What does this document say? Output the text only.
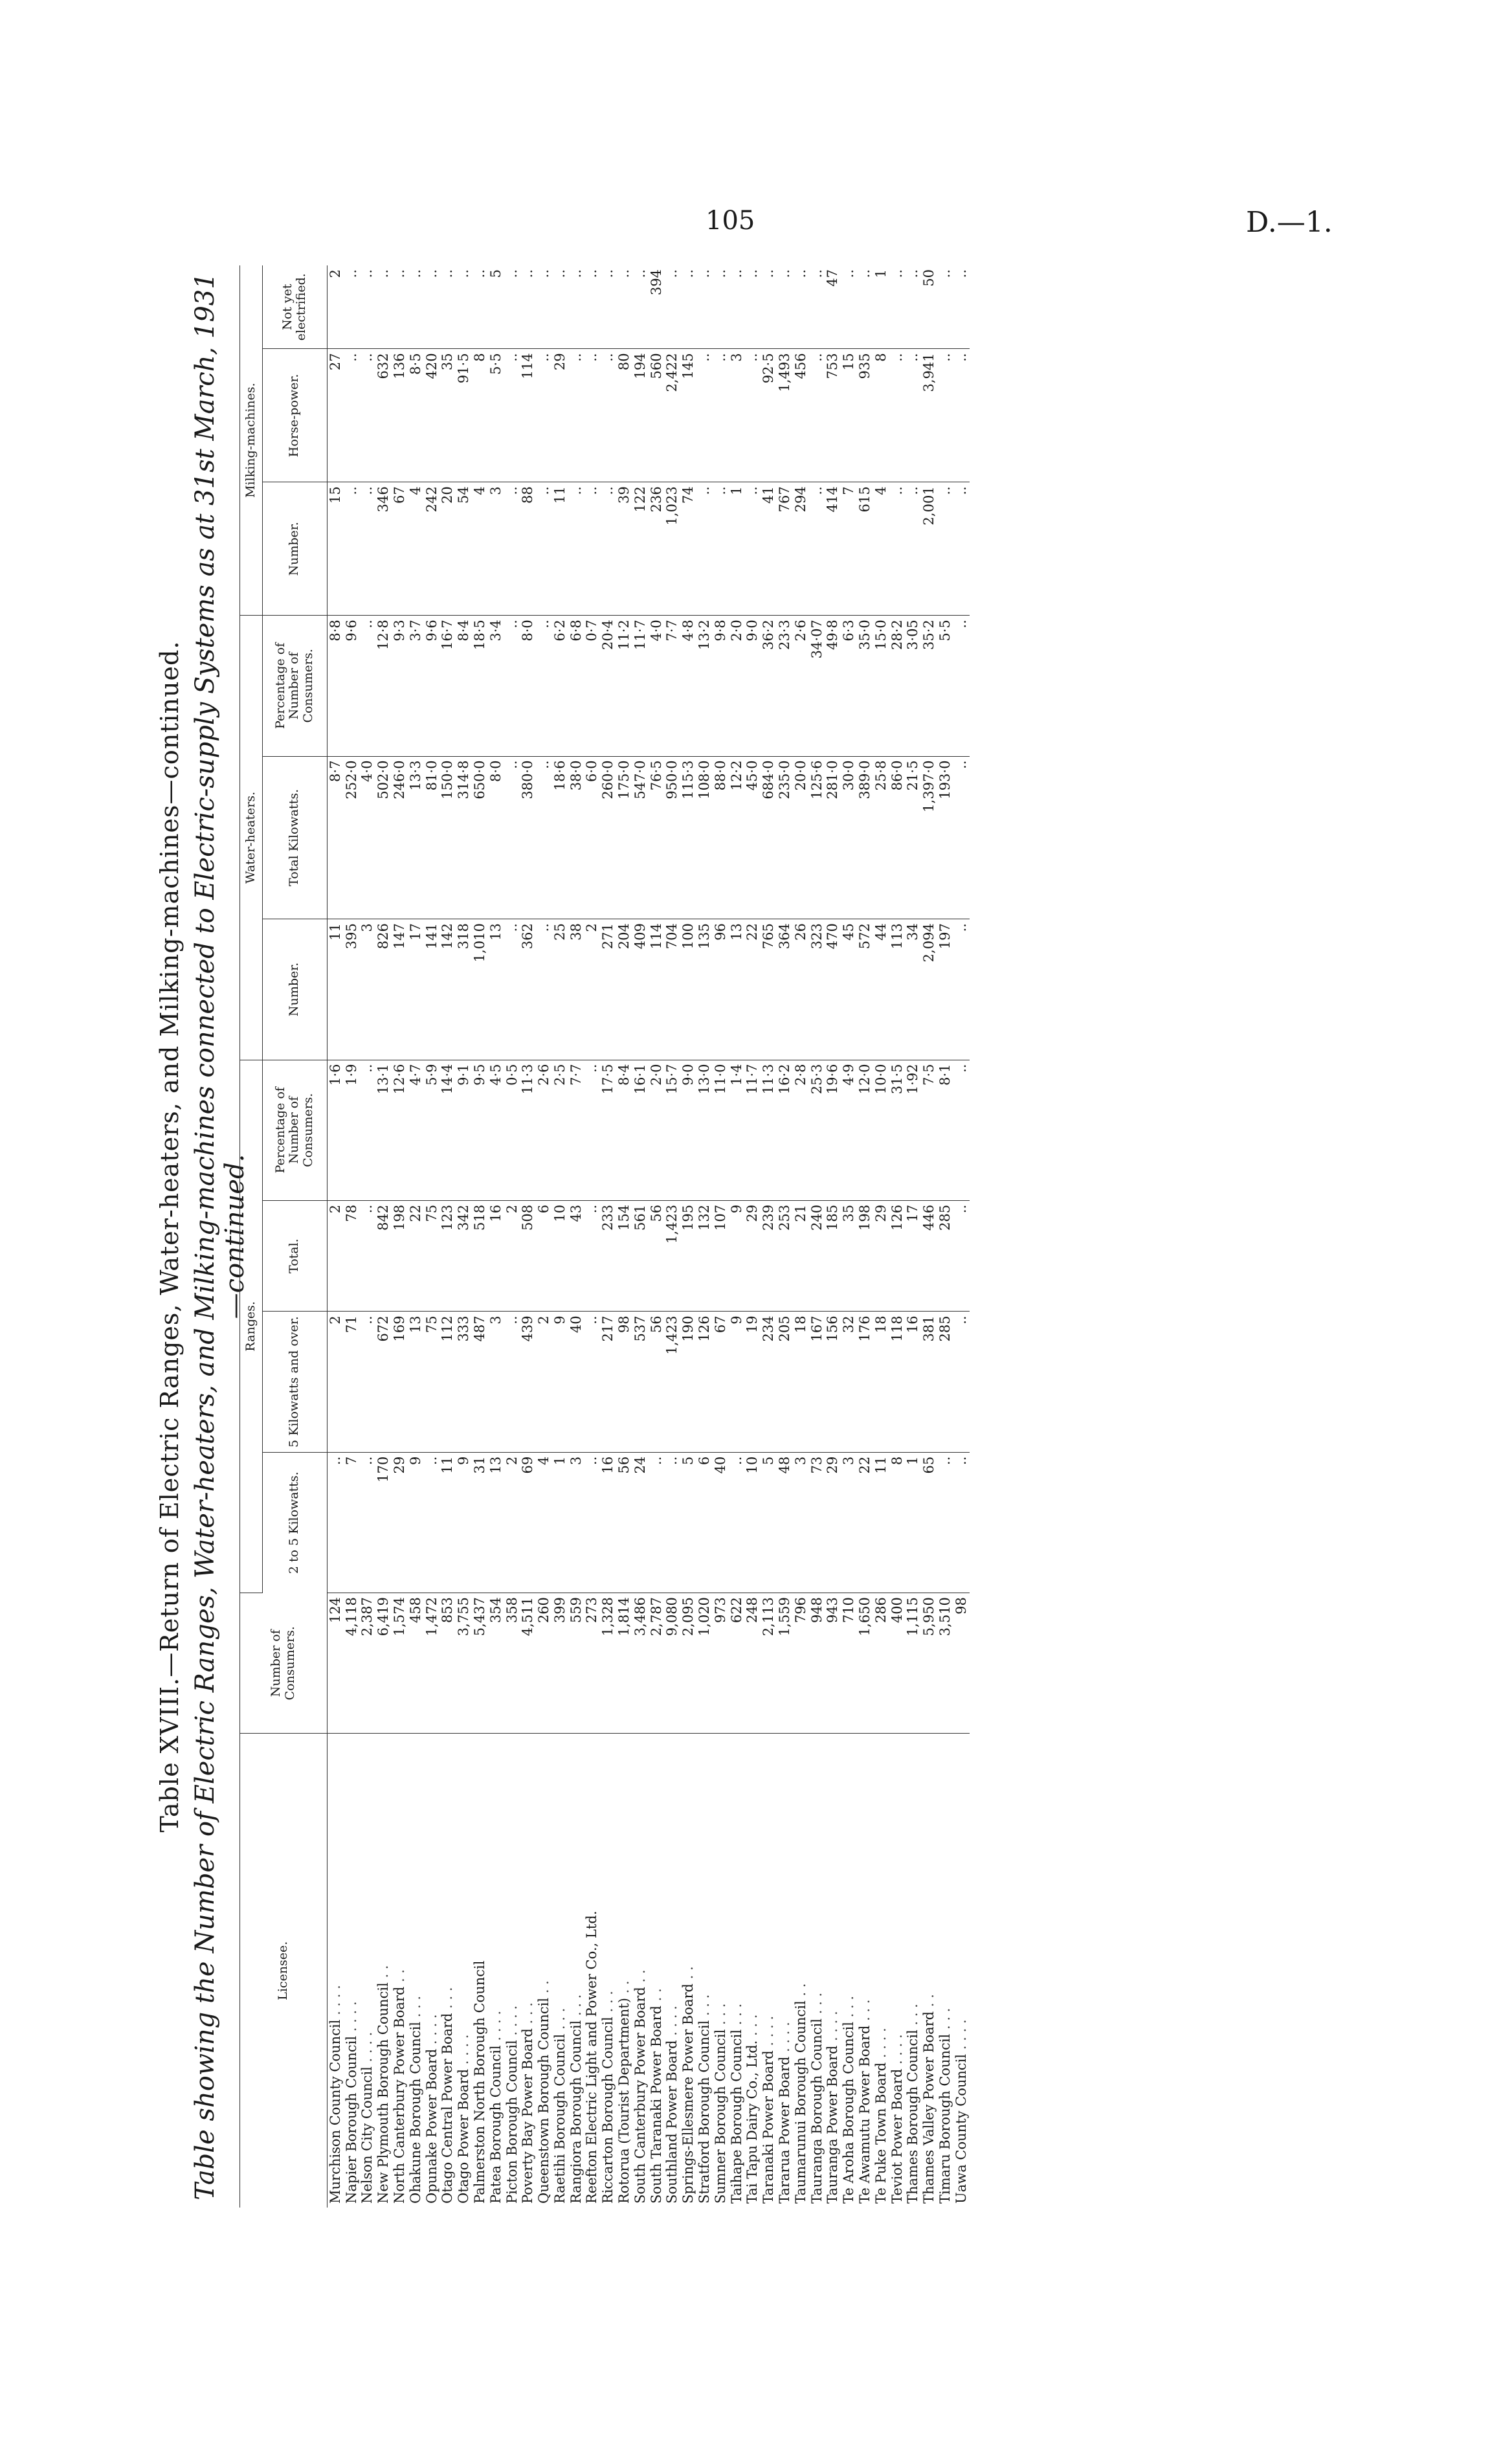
105	D.—1.
Table XVIII.—Return of Electric Ranges, Water-heaters, and Milking-machines—continued. Table showing the Number of Electric Ranges, Water-heaters, and Milking-machines connected to Electric-supply Systems as at 31st March, 1931—continued.
Licensee.	Number of Consumers.	Ranges.				Water-heaters.			Milking-machines.		
		2 to 5 Kilowatts.	5 Kilowatts and over.	Total.	Percentage of Number of Consumers.	Number.	Total Kilowatts.	Percentage of Number of Consumers.	Number.	Horse-power.	Not yet electrified.
Murchison County Council . . . .	124	..	2	2	1·6	11	8·7	8·8	15	27	2
Napier Borough Council . . . .	4,118	7	71	78	1·9	395	252·0	9·6	..	..	..
Nelson City Council . . . .	2,387	..	..	..	..	3	4·0	..	..	..	..
New Plymouth Borough Council . .	6,419	170	672	842	13·1	826	502·0	12·8	346	632	..
North Canterbury Power Board . .	1,574	29	169	198	12·6	147	246·0	9·3	67	136	..
Ohakune Borough Council . . .	458	9	13	22	4·7	17	13·3	3·7	4	8·5	..
Opunake Power Board . . . .	1,472	..	75	75	5·9	141	81·0	9·6	242	420	..
Otago Central Power Board . . .	853	11	112	123	14·4	142	150·0	16·7	20	35	..
Otago Power Board . . . .	3,755	9	333	342	9·1	318	314·8	8·4	54	91·5	..
Palmerston North Borough Council	5,437	31	487	518	9·5	1,010	650·0	18·5	4	8	..
Patea Borough Council . . . .	354	13	3	16	4·5	13	8·0	3·4	3	5·5	5
Picton Borough Council . . . .	358	2	..	2	0·5	..	..	..	..	..	..
Poverty Bay Power Board . . .	4,511	69	439	508	11·3	362	380·0	8·0	88	114	..
Queenstown Borough Council . .	260	4	2	6	2·6	..	..	..	..	..	..
Raetihi Borough Council . . .	399	1	9	10	2·5	25	18·6	6·2	11	29	..
Rangiora Borough Council . . .	559	3	40	43	7·7	38	38·0	6·8	..	..	..
Reefton Electric Light and Power Co., Ltd.	273	..	..	..	..	2	6·0	0·7	..	..	..
Riccarton Borough Council . . .	1,328	16	217	233	17·5	271	260·0	20·4	..	..	..
Rotorua (Tourist Department) . .	1,814	56	98	154	8·4	204	175·0	11·2	39	80	..
South Canterbury Power Board . .	3,486	24	537	561	16·1	409	547·0	11·7	122	194	..
South Taranaki Power Board . .	2,787	..	56	56	2·0	114	76·5	4·0	236	560	394
Southland Power Board . . . .	9,080	..	1,423	1,423	15·7	704	950·0	7·7	1,023	2,422	..
Springs-Ellesmere Power Board . .	2,095	5	190	195	9·0	100	115·3	4·8	74	145	..
Stratford Borough Council . . .	1,020	6	126	132	13·0	135	108·0	13·2	..	..	..
Sumner Borough Council . . .	973	40	67	107	11·0	96	88·0	9·8	..	..	..
Taihape Borough Council . . .	622	..	9	9	1·4	13	12·2	2·0	1	3	..
Tai Tapu Dairy Co., Ltd. . . .	248	10	19	29	11·7	22	45·0	9·0	..	..	..
Taranaki Power Board . . . .	2,113	5	234	239	11·3	765	684·0	36·2	41	92·5	..
Tararua Power Board . . . .	1,559	48	205	253	16·2	364	235·0	23·3	767	1,493	..
Taumarunui Borough Council . .	796	3	18	21	2·8	26	20·0	2·6	294	456	..
Tauranga Borough Council . . .	948	73	167	240	25·3	323	125·6	34·07	..	..	..
Tauranga Power Board . . . .	943	29	156	185	19·6	470	281·0	49·8	414	753	47
Te Aroha Borough Council . . .	710	3	32	35	4·9	45	30·0	6·3	7	15	..
Te Awamutu Power Board . . .	1,650	22	176	198	12·0	572	389·0	35·0	615	935	..
Te Puke Town Board . . . .	286	11	18	29	10·0	44	25·8	15·0	4	8	1
Teviot Power Board . . . .	400	8	118	126	31·5	113	86·0	28·2	..	..	..
Thames Borough Council . . .	1,115	1	16	17	1·92	34	21·5	3·05	..	..	..
Thames Valley Power Board . .	5,950	65	381	446	7·5	2,094	1,397·0	35·2	2,001	3,941	50
Timaru Borough Council . . .	3,510	..	285	285	8·1	197	193·0	5·5	..	..	..
Uawa County Council . . . .	98	..	..	..	..	..	..	..	..	..	..
